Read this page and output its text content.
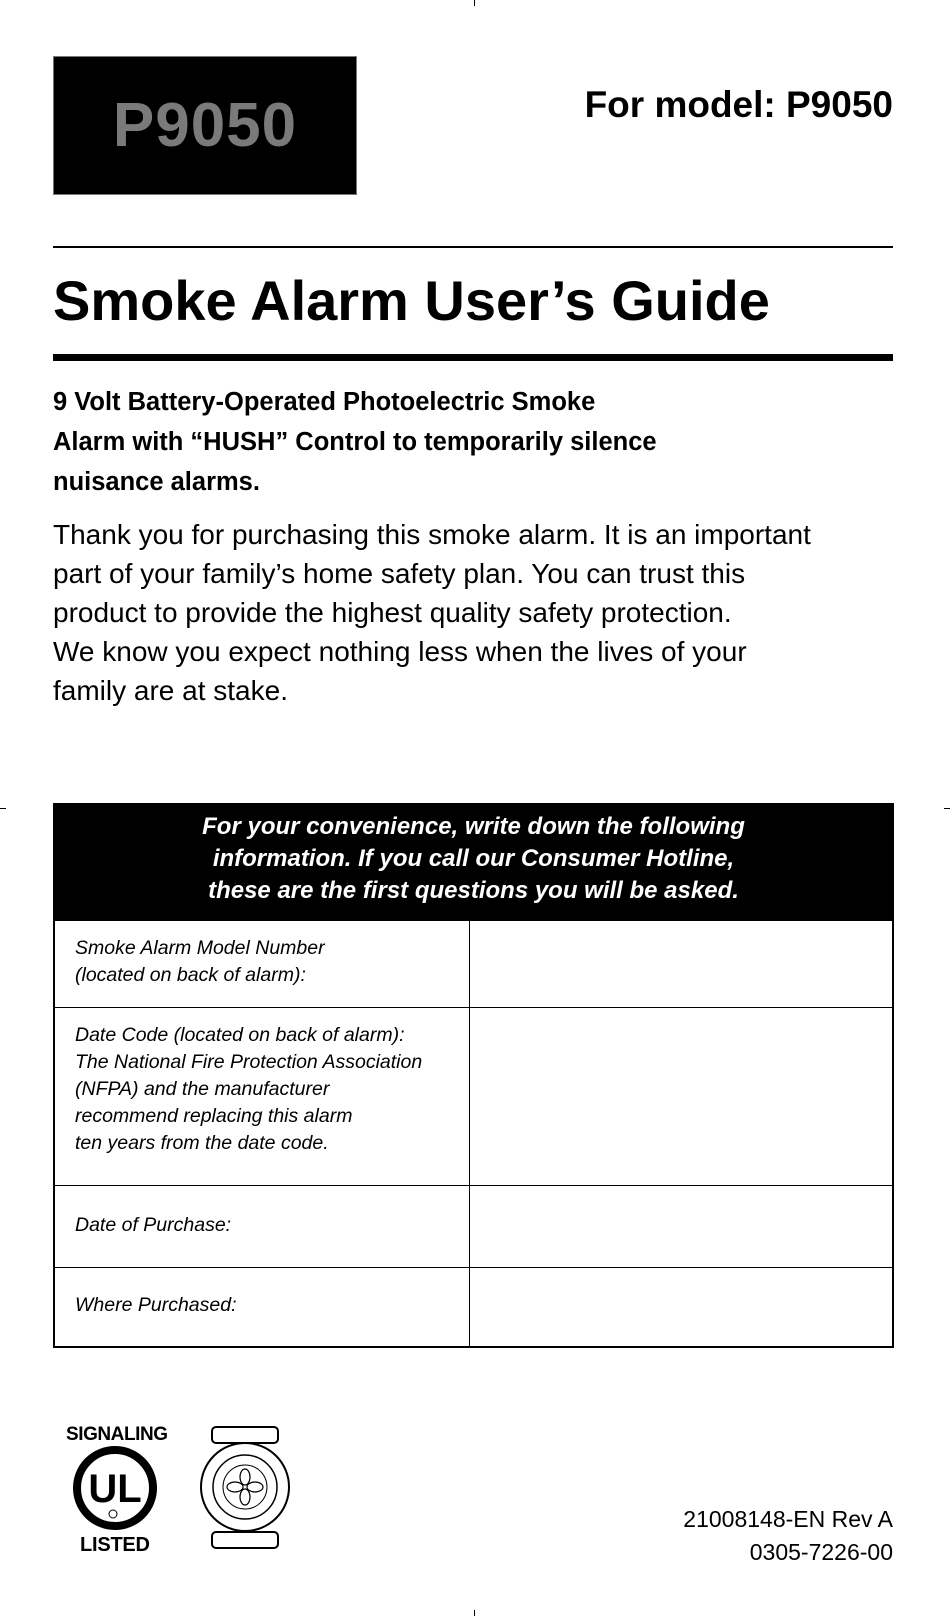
P9050	For model: P9050
Smoke Alarm User’s Guide
9 Volt Battery-Operated Photoelectric Smoke
Alarm with “HUSH” Control to temporarily silence
nuisance alarms.
Thank you for purchasing this smoke alarm. It is an important
part of your family’s home safety plan. You can trust this
product to provide the highest quality safety protection.
We know you expect nothing less when the lives of your
family are at stake.
For your convenience, write down the following
information. If you call our Consumer Hotline,
these are the first questions you will be asked.
Smoke Alarm Model Number
(located on back of alarm):
Date Code (located on back of alarm):
The National Fire Protection Association
(NFPA) and the manufacturer
recommend replacing this alarm
ten years from the date code.
Date of Purchase:
Where Purchased:
SIGNALING
UL
LISTED
21008148-EN Rev A
0305-7226-00
